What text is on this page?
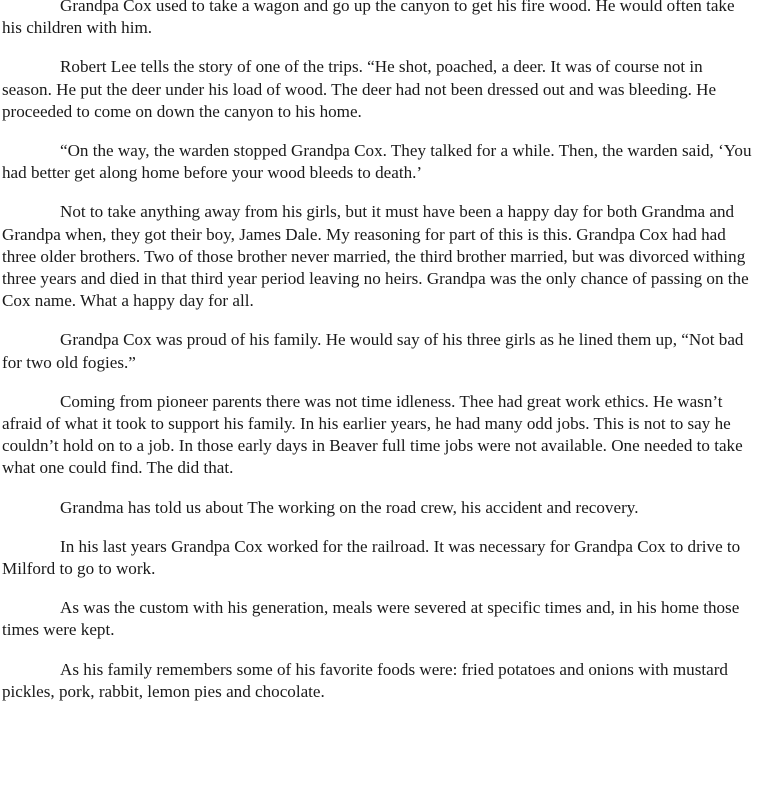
Grandpa Cox used to take a wagon and go up the canyon to get his fire wood. He would often take his children with him.

Robert Lee tells the story of one of the trips. “He shot, poached, a deer. It was of course not in season. He put the deer under his load of wood. The deer had not been dressed out and was bleeding. He proceeded to come on down the canyon to his home.

“On the way, the warden stopped Grandpa Cox. They talked for a while. Then, the warden said, ‘You had better get along home before your wood bleeds to death.’

Not to take anything away from his girls, but it must have been a happy day for both Grandma and Grandpa when, they got their boy, James Dale. My reasoning for part of this is this. Grandpa Cox had had three older brothers. Two of those brother never married, the third brother married, but was divorced withing three years and died in that third year period leaving no heirs. Grandpa was the only chance of passing on the Cox name. What a happy day for all.

Grandpa Cox was proud of his family. He would say of his three girls as he lined them up, “Not bad for two old fogies.”

Coming from pioneer parents there was not time idleness. Thee had great work ethics. He wasn’t afraid of what it took to support his family. In his earlier years, he had many odd jobs. This is not to say he couldn’t hold on to a job. In those early days in Beaver full time jobs were not available. One needed to take what one could find. The did that.

Grandma has told us about The working on the road crew, his accident and recovery.

In his last years Grandpa Cox worked for the railroad. It was necessary for Grandpa Cox to drive to Milford to go to work.

As was the custom with his generation, meals were severed at specific times and, in his home those times were kept.

As his family remembers some of his favorite foods were: fried potatoes and onions with mustard pickles, pork, rabbit, lemon pies and chocolate.
